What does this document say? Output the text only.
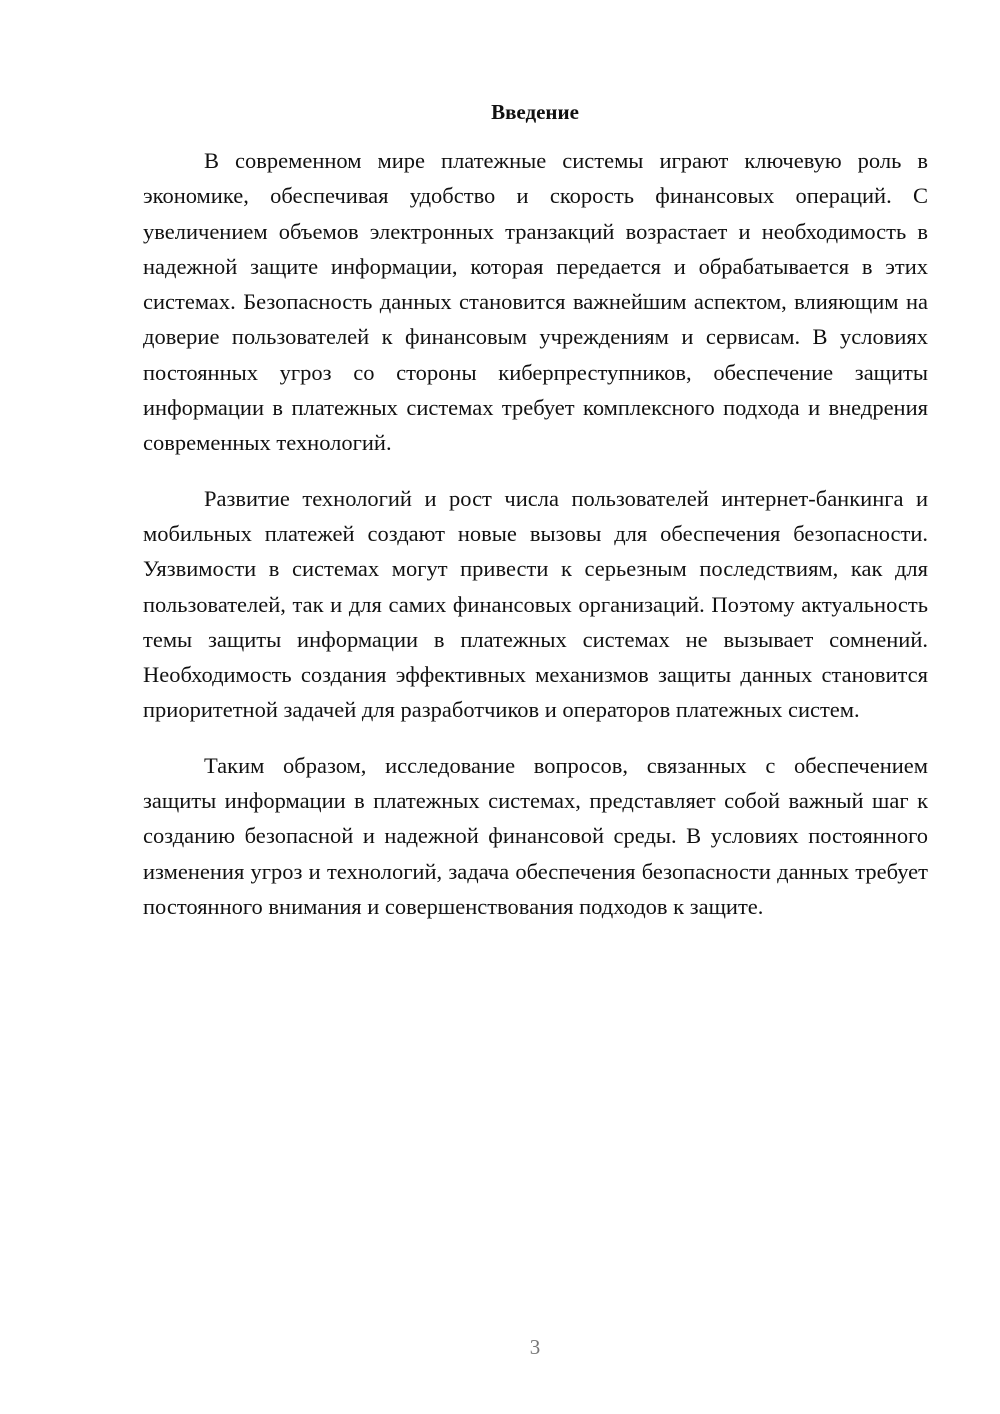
Введение

В современном мире платежные системы играют ключевую роль в экономике, обеспечивая удобство и скорость финансовых операций. С увеличением объемов электронных транзакций возрастает и необходимость в надежной защите информации, которая передается и обрабатывается в этих системах. Безопасность данных становится важнейшим аспектом, влияющим на доверие пользователей к финансовым учреждениям и сервисам. В условиях постоянных угроз со стороны киберпреступников, обеспечение защиты информации в платежных системах требует комплексного подхода и внедрения современных технологий.

Развитие технологий и рост числа пользователей интернет-банкинга и мобильных платежей создают новые вызовы для обеспечения безопасности. Уязвимости в системах могут привести к серьезным последствиям, как для пользователей, так и для самих финансовых организаций. Поэтому актуальность темы защиты информации в платежных системах не вызывает сомнений. Необходимость создания эффективных механизмов защиты данных становится приоритетной задачей для разработчиков и операторов платежных систем.

Таким образом, исследование вопросов, связанных с обеспечением защиты информации в платежных системах, представляет собой важный шаг к созданию безопасной и надежной финансовой среды. В условиях постоянного изменения угроз и технологий, задача обеспечения безопасности данных требует постоянного внимания и совершенствования подходов к защите.

3
